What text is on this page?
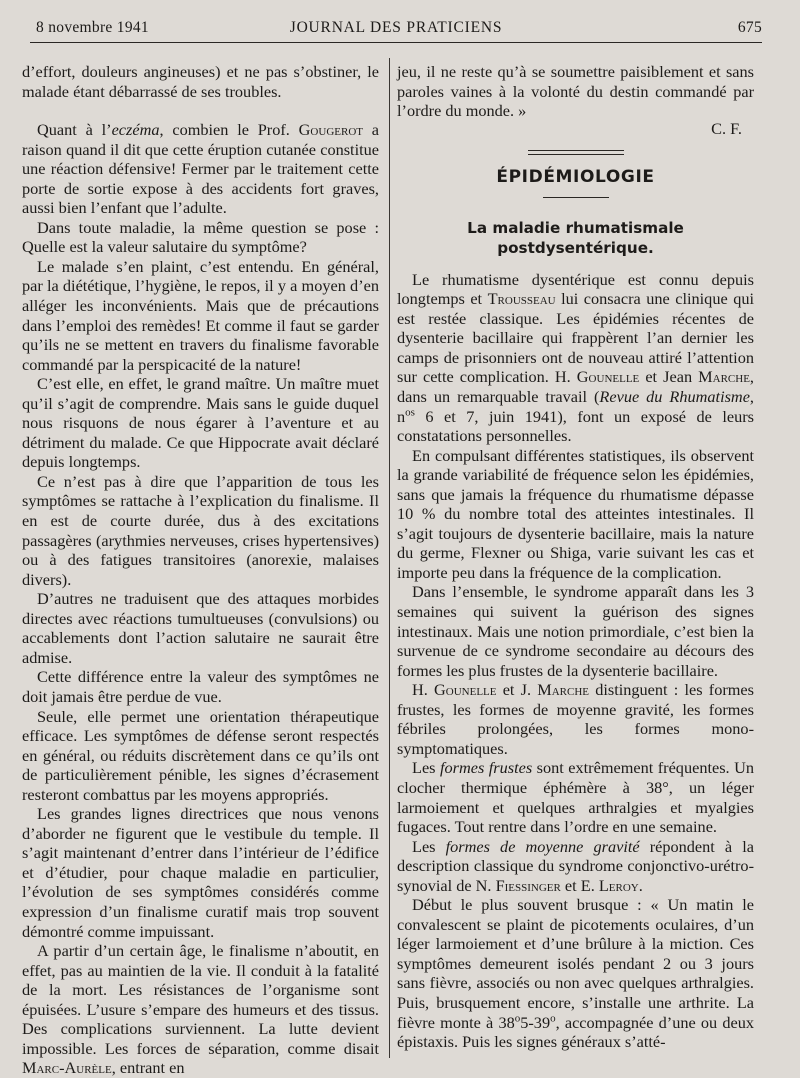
8 novembre 1941	JOURNAL DES PRATICIENS	675

d’effort, douleurs angineuses) et ne pas s’obstiner, le malade étant débarrassé de ses troubles.

Quant à l’eczéma, combien le Prof. Gougerot a raison quand il dit que cette éruption cutanée constitue une réaction défensive! Fermer par le traitement cette porte de sortie expose à des accidents fort graves, aussi bien l’enfant que l’adulte.

Dans toute maladie, la même question se pose : Quelle est la valeur salutaire du symptôme?

Le malade s’en plaint, c’est entendu. En général, par la diététique, l’hygiène, le repos, il y a moyen d’en alléger les inconvénients. Mais que de précautions dans l’emploi des remèdes! Et comme il faut se garder qu’ils ne se mettent en travers du finalisme favorable commandé par la perspicacité de la nature!

C’est elle, en effet, le grand maître. Un maître muet qu’il s’agit de comprendre. Mais sans le guide duquel nous risquons de nous égarer à l’aventure et au détriment du malade. Ce que Hippocrate avait déclaré depuis longtemps.

Ce n’est pas à dire que l’apparition de tous les symptômes se rattache à l’explication du finalisme. Il en est de courte durée, dus à des excitations passagères (arythmies nerveuses, crises hypertensives) ou à des fatigues transitoires (anorexie, malaises divers).

D’autres ne traduisent que des attaques morbides directes avec réactions tumultueuses (convulsions) ou accablements dont l’action salutaire ne saurait être admise.

Cette différence entre la valeur des symptômes ne doit jamais être perdue de vue.

Seule, elle permet une orientation thérapeutique efficace. Les symptômes de défense seront respectés en général, ou réduits discrètement dans ce qu’ils ont de particulièrement pénible, les signes d’écrasement resteront combattus par les moyens appropriés.

Les grandes lignes directrices que nous venons d’aborder ne figurent que le vestibule du temple. Il s’agit maintenant d’entrer dans l’intérieur de l’édifice et d’étudier, pour chaque maladie en particulier, l’évolution de ses symptômes considérés comme expression d’un finalisme curatif mais trop souvent démontré comme impuissant.

A partir d’un certain âge, le finalisme n’aboutit, en effet, pas au maintien de la vie. Il conduit à la fatalité de la mort. Les résistances de l’organisme sont épuisées. L’usure s’empare des humeurs et des tissus. Des complications surviennent. La lutte devient impossible. Les forces de séparation, comme disait Marc-Aurèle, entrant en

jeu, il ne reste qu’à se soumettre paisiblement et sans paroles vaines à la volonté du destin commandé par l’ordre du monde. »

C. F.
ÉPIDÉMIOLOGIE
La maladie rhumatismale
postdysentérique.

Le rhumatisme dysentérique est connu depuis longtemps et Trousseau lui consacra une clinique qui est restée classique. Les épidémies récentes de dysenterie bacillaire qui frappèrent l’an dernier les camps de prisonniers ont de nouveau attiré l’attention sur cette complication. H. Gounelle et Jean Marche, dans un remarquable travail (Revue du Rhumatisme, $n^{os}$ 6 et 7, juin 1941), font un exposé de leurs constatations personnelles.

En compulsant différentes statistiques, ils observent la grande variabilité de fréquence selon les épidémies, sans que jamais la fréquence du rhumatisme dépasse 10 % du nombre total des atteintes intestinales. Il s’agit toujours de dysenterie bacillaire, mais la nature du germe, Flexner ou Shiga, varie suivant les cas et importe peu dans la fréquence de la complication.

Dans l’ensemble, le syndrome apparaît dans les 3 semaines qui suivent la guérison des signes intestinaux. Mais une notion primordiale, c’est bien la survenue de ce syndrome secondaire au décours des formes les plus frustes de la dysenterie bacillaire.

H. Gounelle et J. Marche distinguent : les formes frustes, les formes de moyenne gravité, les formes fébriles prolongées, les formes mono-symptomatiques.

Les formes frustes sont extrêmement fréquentes. Un clocher thermique éphémère à 38°, un léger larmoiement et quelques arthralgies et myalgies fugaces. Tout rentre dans l’ordre en une semaine.

Les formes de moyenne gravité répondent à la description classique du syndrome conjonctivo-urétro-synovial de N. Fiessinger et E. Leroy.

Début le plus souvent brusque : « Un matin le convalescent se plaint de picotements oculaires, d’un léger larmoiement et d’une brûlure à la miction. Ces symptômes demeurent isolés pendant 2 ou 3 jours sans fièvre, associés ou non avec quelques arthralgies. Puis, brusquement encore, s’installe une arthrite. La fièvre monte à 38$^o$5-39$^o$, accompagnée d’une ou deux épistaxis. Puis les signes généraux s’atté-
